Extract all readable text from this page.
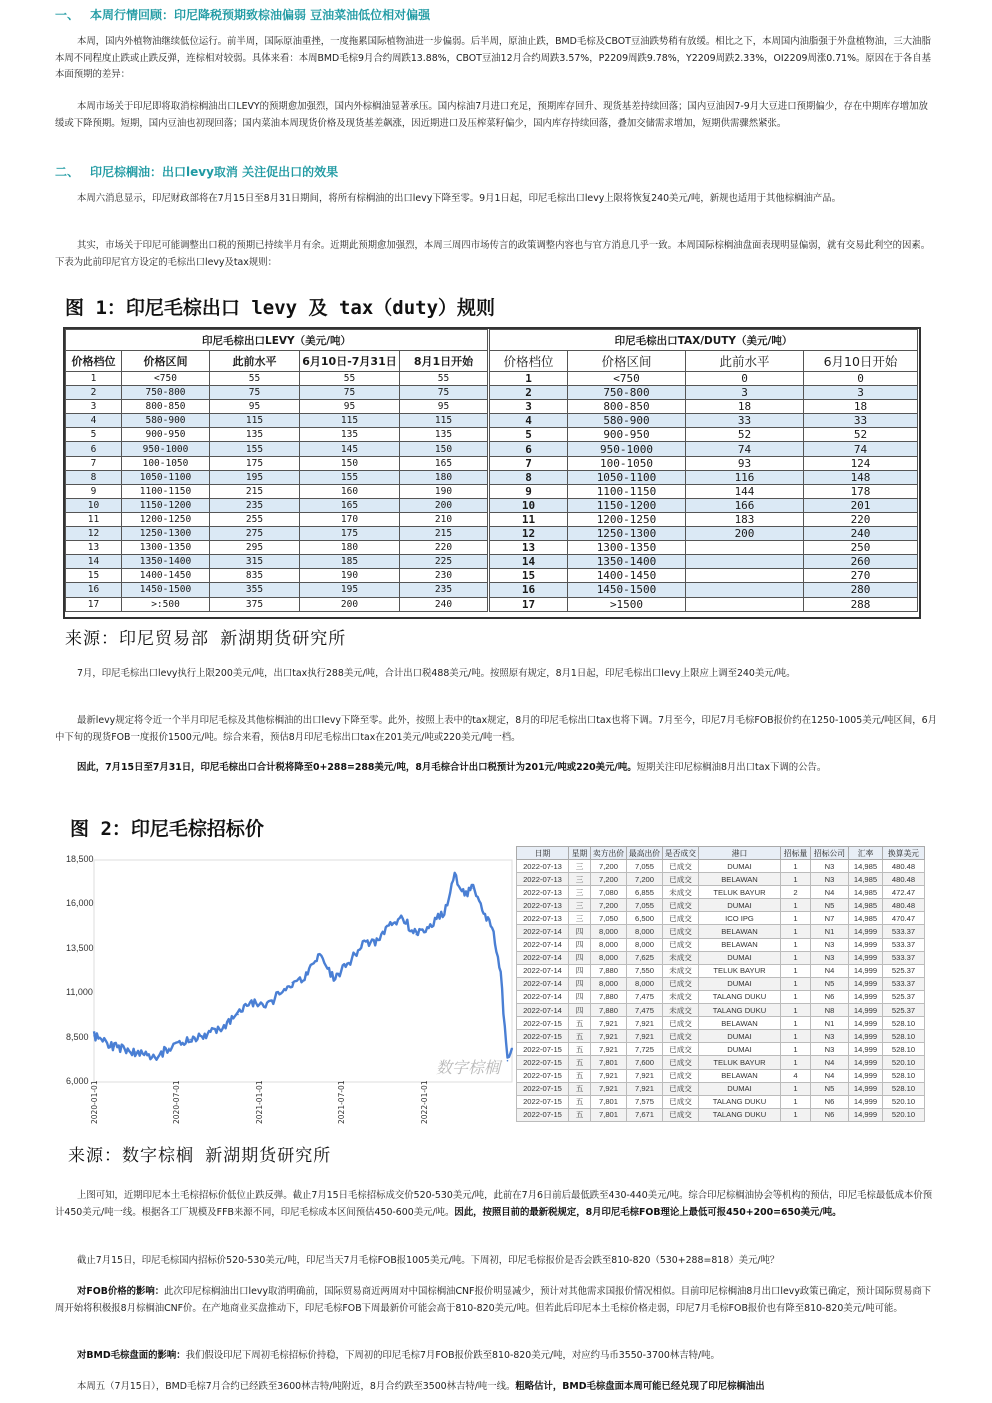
一、 本周行情回顾：印尼降税预期致棕油偏弱 豆油菜油低位相对偏强

本周，国内外植物油继续低位运行。前半周，国际原油重挫，一度拖累国际植物油进一步偏弱。后半周，原油止跌，BMD毛棕及CBOT豆油跌势稍有放缓。相比之下，本周国内油脂强于外盘植物油，三大油脂本周不同程度止跌或止跌反弹，连棕相对较弱。具体来看：本周BMD毛棕9月合约周跌13.88%，CBOT豆油12月合约周跌3.57%，P2209周跌9.78%，Y2209周跌2.33%，OI2209周涨0.71%。原因在于各自基本面预期的差异：

本周市场关于印尼即将取消棕榈油出口LEVY的预期愈加强烈，国内外棕榈油显著承压。国内棕油7月进口充足，预期库存回升、现货基差持续回落；国内豆油因7-9月大豆进口预期偏少，存在中期库存增加放缓或下降预期。短期，国内豆油也初现回落；国内菜油本周现货价格及现货基差飙涨，因近期进口及压榨菜籽偏少，国内库存持续回落，叠加交储需求增加，短期供需骤然紧张。

二、 印尼棕榈油：出口levy取消 关注促出口的效果

本周六消息显示，印尼财政部将在7月15日至8月31日期间，将所有棕榈油的出口levy下降至零。9月1日起，印尼毛棕出口levy上限将恢复240美元/吨，新规也适用于其他棕榈油产品。

其实，市场关于印尼可能调整出口税的预期已持续半月有余。近期此预期愈加强烈，本周三周四市场传言的政策调整内容也与官方消息几乎一致。本周国际棕榈油盘面表现明显偏弱，就有交易此利空的因素。下表为此前印尼官方设定的毛棕出口levy及tax规则：

图 1：印尼毛棕出口 levy 及 tax（duty）规则
印尼毛棕出口LEVY（美元/吨）				
价格档位	价格区间	此前水平	6月10日-7月31日	8月1日开始
1	<750	55	55	55
2	750-800	75	75	75
3	800-850	95	95	95
4	580-900	115	115	115
5	900-950	135	135	135
6	950-1000	155	145	150
7	100-1050	175	150	165
8	1050-1100	195	155	180
9	1100-1150	215	160	190
10	1150-1200	235	165	200
11	1200-1250	255	170	210
12	1250-1300	275	175	215
13	1300-1350	295	180	220
14	1350-1400	315	185	225
15	1400-1450	835	190	230
16	1450-1500	355	195	235
17	>:500	375	200	240
印尼毛棕出口TAX/DUTY（美元/吨）			
价格档位	价格区间	此前水平	6月10日开始
1	<750	0	0
2	750-800	3	3
3	800-850	18	18
4	580-900	33	33
5	900-950	52	52
6	950-1000	74	74
7	100-1050	93	124
8	1050-1100	116	148
9	1100-1150	144	178
10	1150-1200	166	201
11	1200-1250	183	220
12	1250-1300	200	240
13	1300-1350		250
14	1350-1400		260
15	1400-1450		270
16	1450-1500		280
17	>1500		288
来源：印尼贸易部 新湖期货研究所

7月，印尼毛棕出口levy执行上限200美元/吨，出口tax执行288美元/吨，合计出口税488美元/吨。按照原有规定，8月1日起，印尼毛棕出口levy上限应上调至240美元/吨。

最新levy规定将令近一个半月印尼毛棕及其他棕榈油的出口levy下降至零。此外，按照上表中的tax规定，8月的印尼毛棕出口tax也将下调。7月至今，印尼7月毛棕FOB报价约在1250-1005美元/吨区间，6月中下旬的现货FOB一度报价1500元/吨。综合来看，预估8月印尼毛棕出口tax在201美元/吨或220美元/吨一档。

因此，7月15日至7月31日，印尼毛棕出口合计税将降至0+288=288美元/吨，8月毛棕合计出口税预计为201元/吨或220美元/吨。短期关注印尼棕榈油8月出口tax下调的公告。

图 2：印尼毛棕招标价
数字棕榈
18,500
16,000
13,500
11,000
8,500
6,000 2020-01-01	2020-07-01	2021-01-01	2021-07-01	2022-01-01
日期	星期	卖方出价	最高出价	是否成交	港口	招标量	招标公司	汇率	换算美元
2022-07-13	三	7,200	7,055	已成交	DUMAI	1	N3	14,985	480.48
2022-07-13	三	7,200	7,200	已成交	BELAWAN	1	N3	14,985	480.48
2022-07-13	三	7,080	6,855	未成交	TELUK BAYUR	2	N4	14,985	472.47
2022-07-13	三	7,200	7,055	已成交	DUMAI	1	N5	14,985	480.48
2022-07-13	三	7,050	6,500	已成交	ICO IPG	1	N7	14,985	470.47
2022-07-14	四	8,000	8,000	已成交	BELAWAN	1	N1	14,999	533.37
2022-07-14	四	8,000	8,000	已成交	BELAWAN	1	N3	14,999	533.37
2022-07-14	四	8,000	7,625	未成交	DUMAI	1	N3	14,999	533.37
2022-07-14	四	7,880	7,550	未成交	TELUK BAYUR	1	N4	14,999	525.37
2022-07-14	四	8,000	8,000	已成交	DUMAI	1	N5	14,999	533.37
2022-07-14	四	7,880	7,475	未成交	TALANG DUKU	1	N6	14,999	525.37
2022-07-14	四	7,880	7,475	未成交	TALANG DUKU	1	N8	14,999	525.37
2022-07-15	五	7,921	7,921	已成交	BELAWAN	1	N1	14,999	528.10
2022-07-15	五	7,921	7,921	已成交	DUMAI	1	N3	14,999	528.10
2022-07-15	五	7,921	7,725	已成交	DUMAI	1	N3	14,999	528.10
2022-07-15	五	7,801	7,600	已成交	TELUK BAYUR	1	N4	14,999	520.10
2022-07-15	五	7,921	7,921	已成交	BELAWAN	4	N4	14,999	528.10
2022-07-15	五	7,921	7,921	已成交	DUMAI	1	N5	14,999	528.10
2022-07-15	五	7,801	7,575	已成交	TALANG DUKU	1	N6	14,999	520.10
2022-07-15	五	7,801	7,671	已成交	TALANG DUKU	1	N6	14,999	520.10
来源：数字棕榈 新湖期货研究所

上图可知，近期印尼本土毛棕招标价低位止跌反弹。截止7月15日毛棕招标成交价520-530美元/吨，此前在7月6日前后最低跌至430-440美元/吨。综合印尼棕榈油协会等机构的预估，印尼毛棕最低成本价预计450美元/吨一线。根据各工厂规模及FFB来源不同，印尼毛棕成本区间预估450-600美元/吨。因此，按照目前的最新税规定，8月印尼毛棕FOB理论上最低可报450+200=650美元/吨。

截止7月15日，印尼毛棕国内招标价520-530美元/吨，印尼当天7月毛棕FOB报1005美元/吨。下周初，印尼毛棕报价是否会跌至810-820（530+288=818）美元/吨？

对FOB价格的影响：此次印尼棕榈油出口levy取消明确前，国际贸易商近两周对中国棕榈油CNF报价明显减少，预计对其他需求国报价情况相似。目前印尼棕榈油8月出口levy政策已确定，预计国际贸易商下周开始将积极报8月棕榈油CNF价。在产地商业买盘推动下，印尼毛棕FOB下周最新价可能会高于810-820美元/吨。但若此后印尼本土毛棕价格走弱，印尼7月毛棕FOB报价也有降至810-820美元/吨可能。

对BMD毛棕盘面的影响：我们假设印尼下周初毛棕招标价持稳，下周初的印尼毛棕7月FOB报价跌至810-820美元/吨，对应约马币3550-3700林吉特/吨。

本周五（7月15日），BMD毛棕7月合约已经跌至3600林吉特/吨附近，8月合约跌至3500林吉特/吨一线。粗略估计，BMD毛棕盘面本周可能已经兑现了印尼棕榈油出
